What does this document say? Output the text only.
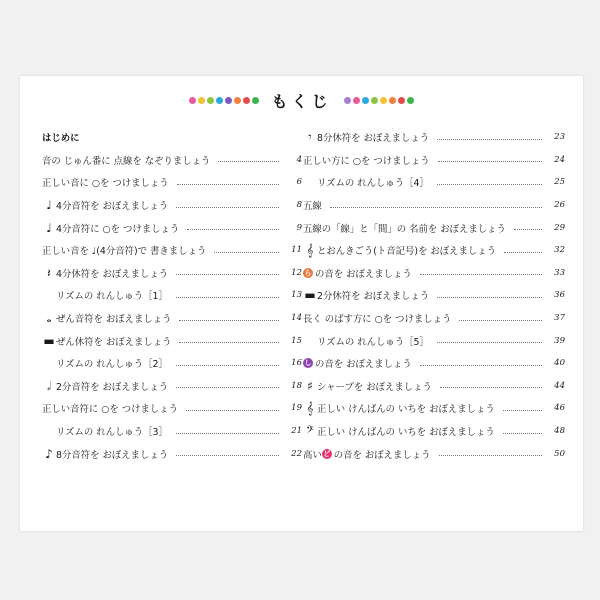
もくじ
はじめに
音の じゅん番に 点線を なぞりましょう	4
正しい音に ○を つけましょう	6
♩ 4分音符を おぼえましょう	8
♩ 4分音符に ○を つけましょう	9
正しい音を ♩(4分音符)で 書きましょう	11
𝄽 4分休符を おぼえましょう	12
リズムの れんしゅう［1］	13
𝅝 ぜん音符を おぼえましょう	14
▬ ぜん休符を おぼえましょう	15
リズムの れんしゅう［2］	16
𝅗𝅥 2分音符を おぼえましょう	18
正しい音符に ○を つけましょう	19
リズムの れんしゅう［3］	21
♪ 8分音符を おぼえましょう	22
𝄾 8分休符を おぼえましょう	23
正しい方に ○を つけましょう	24
リズムの れんしゅう［4］	25
五線	26
五線の「線」と「間」の 名前を おぼえましょう	29
𝄞 とおんきごう(ト音記号)を おぼえましょう	32
ら の音を おぼえましょう	33
▬ 2分休符を おぼえましょう	36
長く のばす方に ○を つけましょう	37
リズムの れんしゅう［5］	39
し の音を おぼえましょう	40
♯ シャープを おぼえましょう	44
𝄞 正しい けんばんの いちを おぼえましょう	46
𝄢 正しい けんばんの いちを おぼえましょう	48
高い ど の音を おぼえましょう	50
